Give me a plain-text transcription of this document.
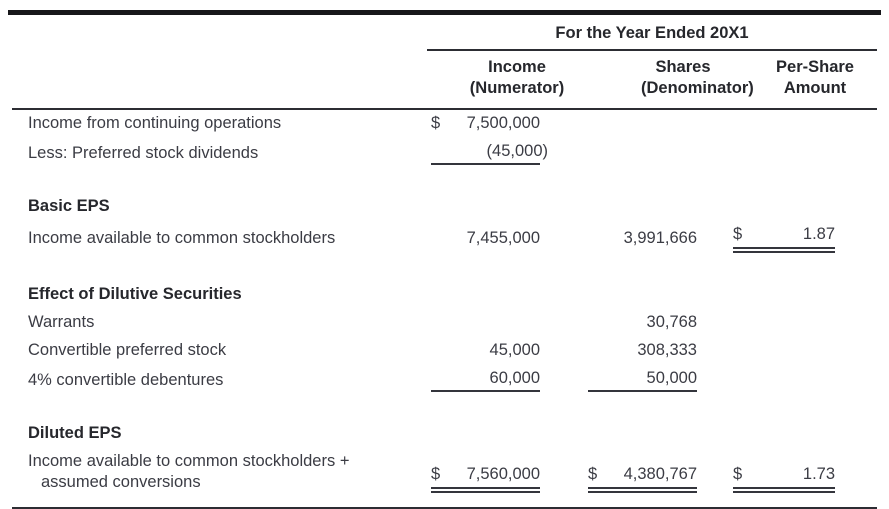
	For the Year Ended 20X1		

Income
(Numerator)

Shares
(Denominator)

Per-Share
Amount

Income from continuing operations	$ 7,500,000		

Less: Preferred stock dividends	(45,000)		

Basic EPS			
Income available to common stockholders	7,455,000	3,991,666	$ 1.87

Effect of Dilutive Securities			
Warrants		30,768	

Convertible preferred stock	45,000	308,333	

4% convertible debentures	60,000	50,000	

Diluted EPS			

Income available to common stockholders +
assumed conversions	$ 7,560,000	$ 4,380,767	$	1.73
